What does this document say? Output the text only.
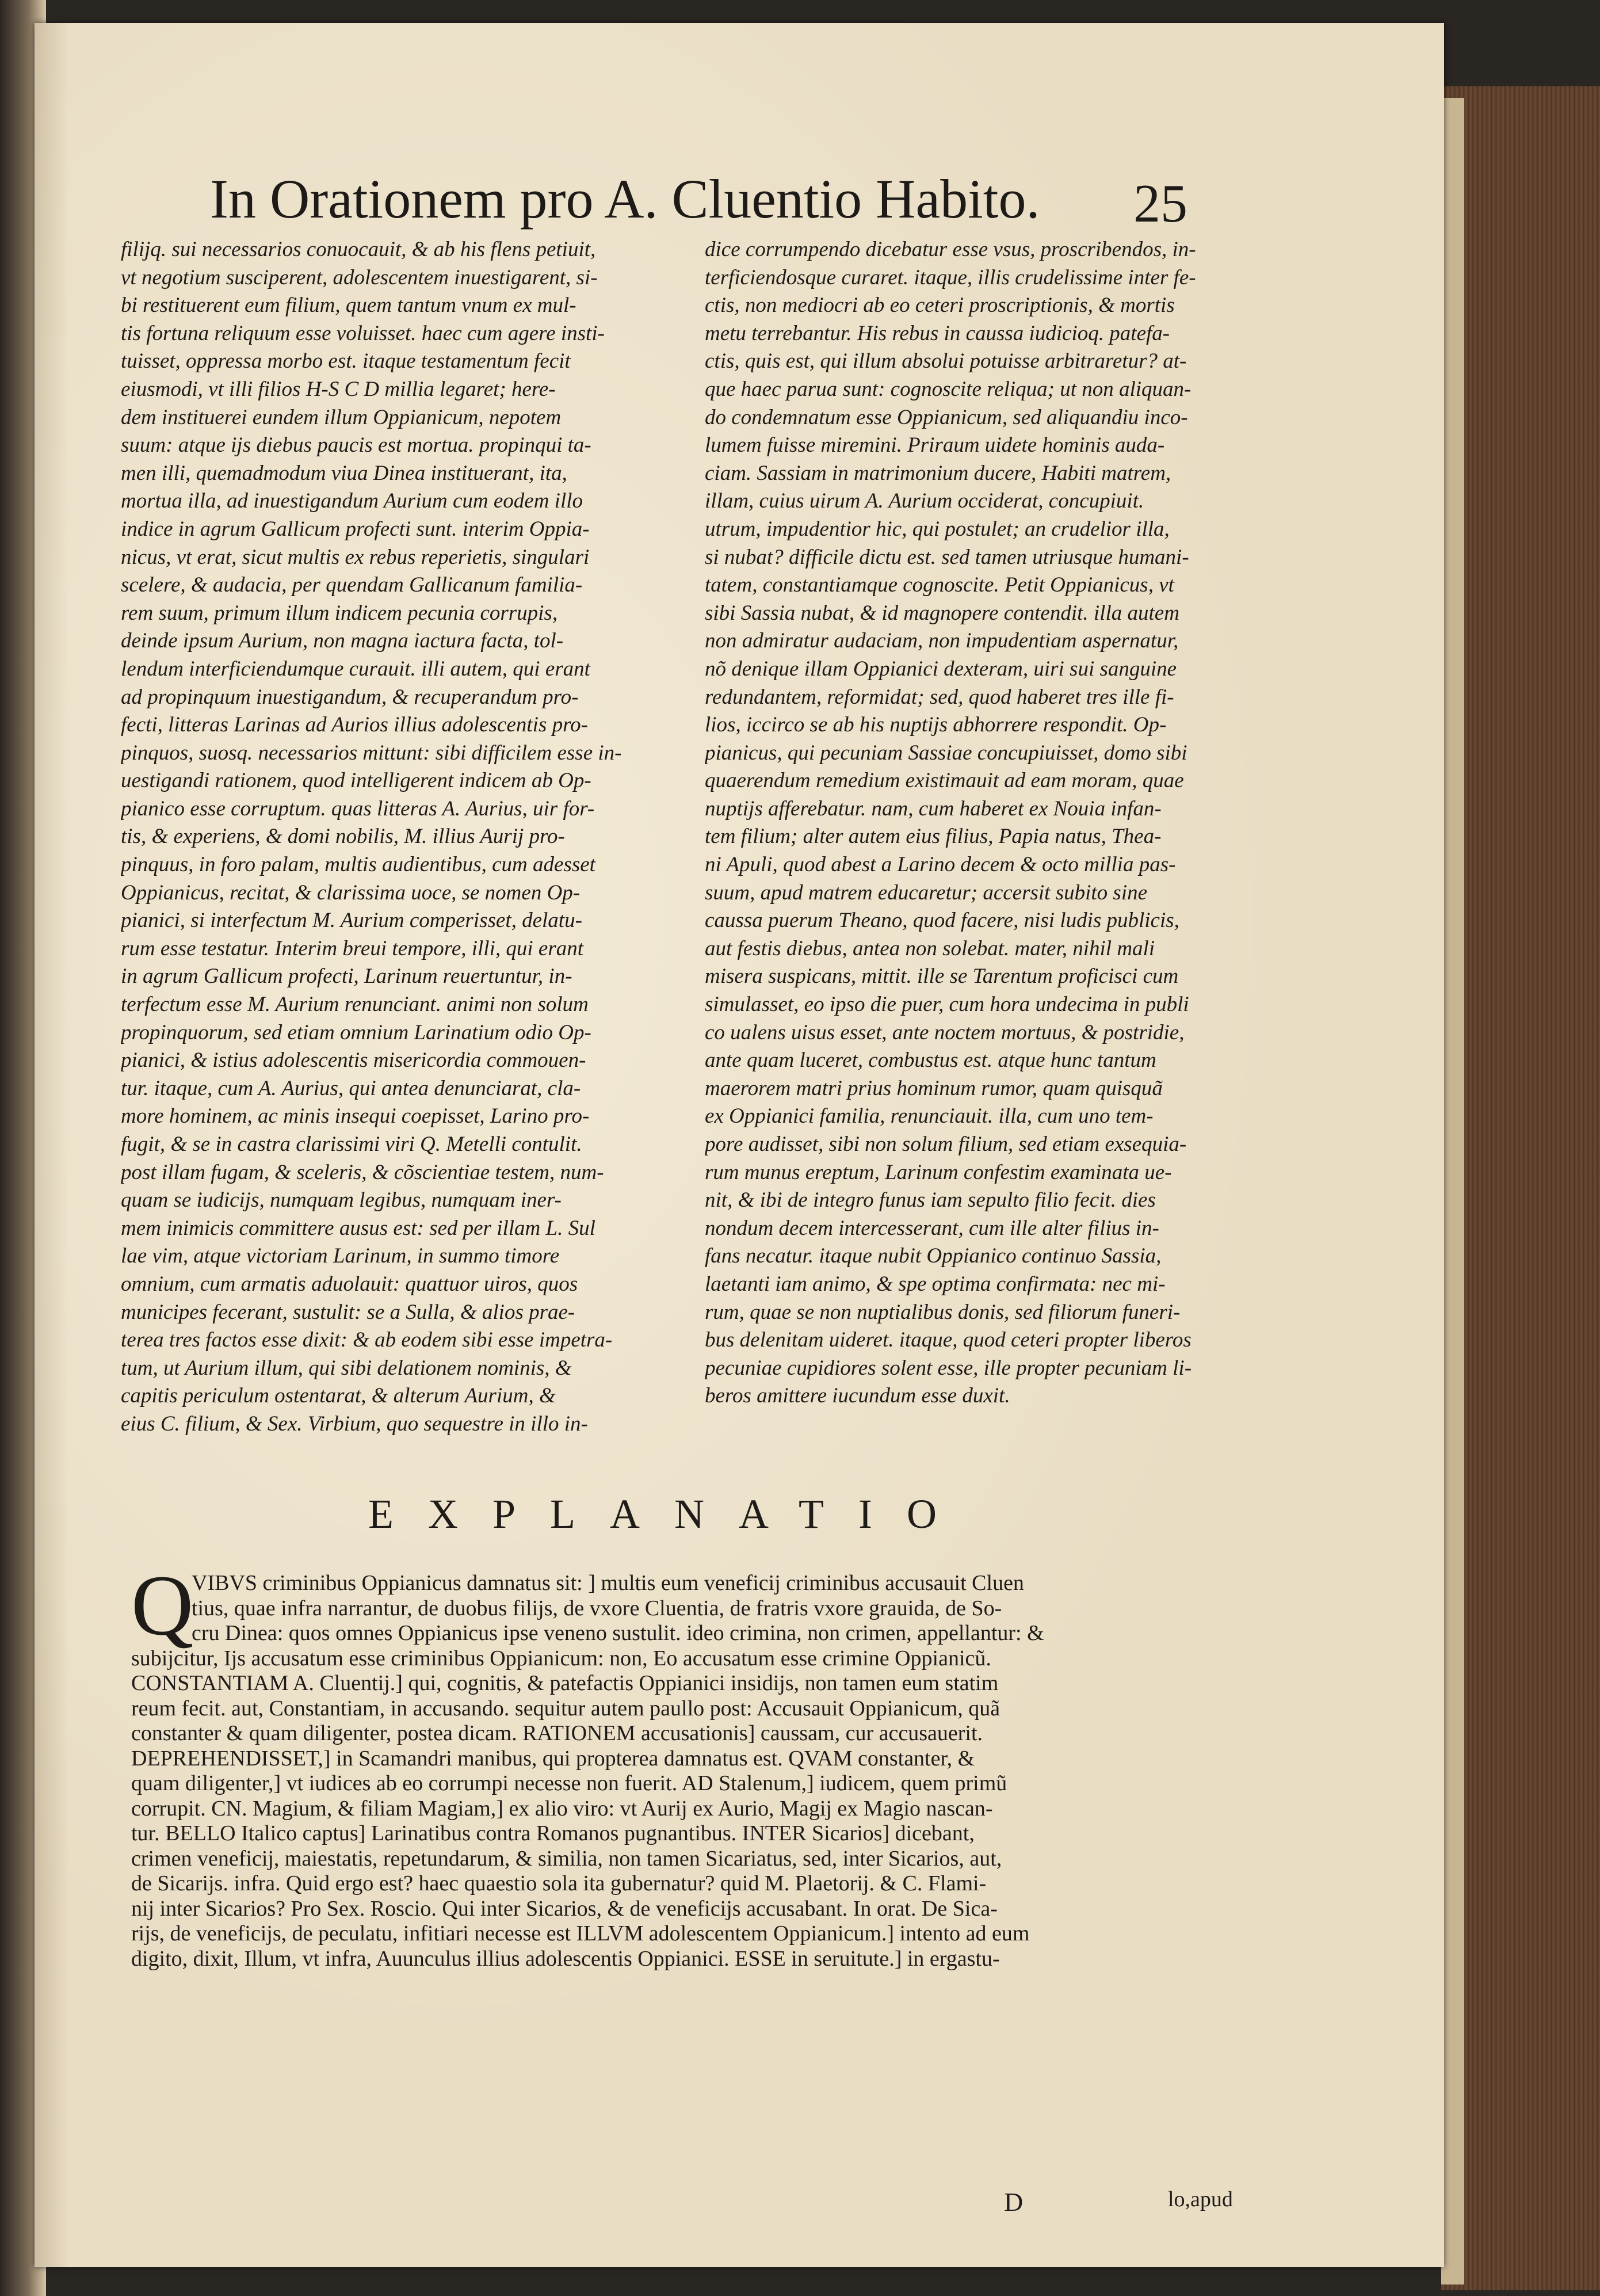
In Orationem pro A. Cluentio Habito.	25
filijq. sui necessarios conuocauit, & ab his flens petiuit,
vt negotium susciperent, adolescentem inuestigarent, si-
bi restituerent eum filium, quem tantum vnum ex mul-
tis fortuna reliquum esse voluisset. haec cum agere insti-
tuisset, oppressa morbo est. itaque testamentum fecit
eiusmodi, vt illi filios H-S C D millia legaret; here-
dem instituerei eundem illum Oppianicum, nepotem
suum: atque ijs diebus paucis est mortua. propinqui ta-
men illi, quemadmodum viua Dinea instituerant, ita,
mortua illa, ad inuestigandum Aurium cum eodem illo
indice in agrum Gallicum profecti sunt. interim Oppia-
nicus, vt erat, sicut multis ex rebus reperietis, singulari
scelere, & audacia, per quendam Gallicanum familia-
rem suum, primum illum indicem pecunia corrupis,
deinde ipsum Aurium, non magna iactura facta, tol-
lendum interficiendumque curauit. illi autem, qui erant
ad propinquum inuestigandum, & recuperandum pro-
fecti, litteras Larinas ad Aurios illius adolescentis pro-
pinquos, suosq. necessarios mittunt: sibi difficilem esse in-
uestigandi rationem, quod intelligerent indicem ab Op-
pianico esse corruptum. quas litteras A. Aurius, uir for-
tis, & experiens, & domi nobilis, M. illius Aurij pro-
pinquus, in foro palam, multis audientibus, cum adesset
Oppianicus, recitat, & clarissima uoce, se nomen Op-
pianici, si interfectum M. Aurium comperisset, delatu-
rum esse testatur. Interim breui tempore, illi, qui erant
in agrum Gallicum profecti, Larinum reuertuntur, in-
terfectum esse M. Aurium renunciant. animi non solum
propinquorum, sed etiam omnium Larinatium odio Op-
pianici, & istius adolescentis misericordia commouen-
tur. itaque, cum A. Aurius, qui antea denunciarat, cla-
more hominem, ac minis insequi coepisset, Larino pro-
fugit, & se in castra clarissimi viri Q. Metelli contulit.
post illam fugam, & sceleris, & cõscientiae testem, num-
quam se iudicijs, numquam legibus, numquam iner-
mem inimicis committere ausus est: sed per illam L. Sul
lae vim, atque victoriam Larinum, in summo timore
omnium, cum armatis aduolauit: quattuor uiros, quos
municipes fecerant, sustulit: se a Sulla, & alios prae-
terea tres factos esse dixit: & ab eodem sibi esse impetra-
tum, ut Aurium illum, qui sibi delationem nominis, &
capitis periculum ostentarat, & alterum Aurium, &
eius C. filium, & Sex. Virbium, quo sequestre in illo in-
dice corrumpendo dicebatur esse vsus, proscribendos, in-
terficiendosque curaret. itaque, illis crudelissime inter fe-
ctis, non mediocri ab eo ceteri proscriptionis, & mortis
metu terrebantur. His rebus in caussa iudicioq. patefa-
ctis, quis est, qui illum absolui potuisse arbitraretur? at-
que haec parua sunt: cognoscite reliqua; ut non aliquan-
do condemnatum esse Oppianicum, sed aliquandiu inco-
lumem fuisse miremini. Priraum uidete hominis auda-
ciam. Sassiam in matrimonium ducere, Habiti matrem,
illam, cuius uirum A. Aurium occiderat, concupiuit.
utrum, impudentior hic, qui postulet; an crudelior illa,
si nubat? difficile dictu est. sed tamen utriusque humani-
tatem, constantiamque cognoscite. Petit Oppianicus, vt
sibi Sassia nubat, & id magnopere contendit. illa autem
non admiratur audaciam, non impudentiam aspernatur,
nõ denique illam Oppianici dexteram, uiri sui sanguine
redundantem, reformidat; sed, quod haberet tres ille fi-
lios, iccirco se ab his nuptijs abhorrere respondit. Op-
pianicus, qui pecuniam Sassiae concupiuisset, domo sibi
quaerendum remedium existimauit ad eam moram, quae
nuptijs afferebatur. nam, cum haberet ex Nouia infan-
tem filium; alter autem eius filius, Papia natus, Thea-
ni Apuli, quod abest a Larino decem & octo millia pas-
suum, apud matrem educaretur; accersit subito sine
caussa puerum Theano, quod facere, nisi ludis publicis,
aut festis diebus, antea non solebat. mater, nihil mali
misera suspicans, mittit. ille se Tarentum proficisci cum
simulasset, eo ipso die puer, cum hora undecima in publi
co ualens uisus esset, ante noctem mortuus, & postridie,
ante quam luceret, combustus est. atque hunc tantum
maerorem matri prius hominum rumor, quam quisquã
ex Oppianici familia, renunciauit. illa, cum uno tem-
pore audisset, sibi non solum filium, sed etiam exsequia-
rum munus ereptum, Larinum confestim examinata ue-
nit, & ibi de integro funus iam sepulto filio fecit. dies
nondum decem intercesserant, cum ille alter filius in-
fans necatur. itaque nubit Oppianico continuo Sassia,
laetanti iam animo, & spe optima confirmata: nec mi-
rum, quae se non nuptialibus donis, sed filiorum funeri-
bus delenitam uideret. itaque, quod ceteri propter liberos
pecuniae cupidiores solent esse, ille propter pecuniam li-
beros amittere iucundum esse duxit.
EXPLANATIO
Q
VIBVS criminibus Oppianicus damnatus sit: ] multis eum veneficij criminibus accusauit Cluen
tius, quae infra narrantur, de duobus filijs, de vxore Cluentia, de fratris vxore grauida, de So-
cru Dinea: quos omnes Oppianicus ipse veneno sustulit. ideo crimina, non crimen, appellantur: &
subijcitur, Ijs accusatum esse criminibus Oppianicum: non, Eo accusatum esse crimine Oppianicũ.
CONSTANTIAM A. Cluentij.] qui, cognitis, & patefactis Oppianici insidijs, non tamen eum statim
reum fecit. aut, Constantiam, in accusando. sequitur autem paullo post: Accusauit Oppianicum, quã
constanter & quam diligenter, postea dicam. RATIONEM accusationis] caussam, cur accusauerit.
DEPREHENDISSET,] in Scamandri manibus, qui propterea damnatus est. QVAM constanter, &
quam diligenter,] vt iudices ab eo corrumpi necesse non fuerit. AD Stalenum,] iudicem, quem primũ
corrupit. CN. Magium, & filiam Magiam,] ex alio viro: vt Aurij ex Aurio, Magij ex Magio nascan-
tur. BELLO Italico captus] Larinatibus contra Romanos pugnantibus. INTER Sicarios] dicebant,
crimen veneficij, maiestatis, repetundarum, & similia, non tamen Sicariatus, sed, inter Sicarios, aut,
de Sicarijs. infra. Quid ergo est? haec quaestio sola ita gubernatur? quid M. Plaetorij. & C. Flami-
nij inter Sicarios? Pro Sex. Roscio. Qui inter Sicarios, & de veneficijs accusabant. In orat. De Sica-
rijs, de veneficijs, de peculatu, infitiari necesse est ILLVM adolescentem Oppianicum.] intento ad eum
digito, dixit, Illum, vt infra, Auunculus illius adolescentis Oppianici. ESSE in seruitute.] in ergastu-
D	lo,apud
